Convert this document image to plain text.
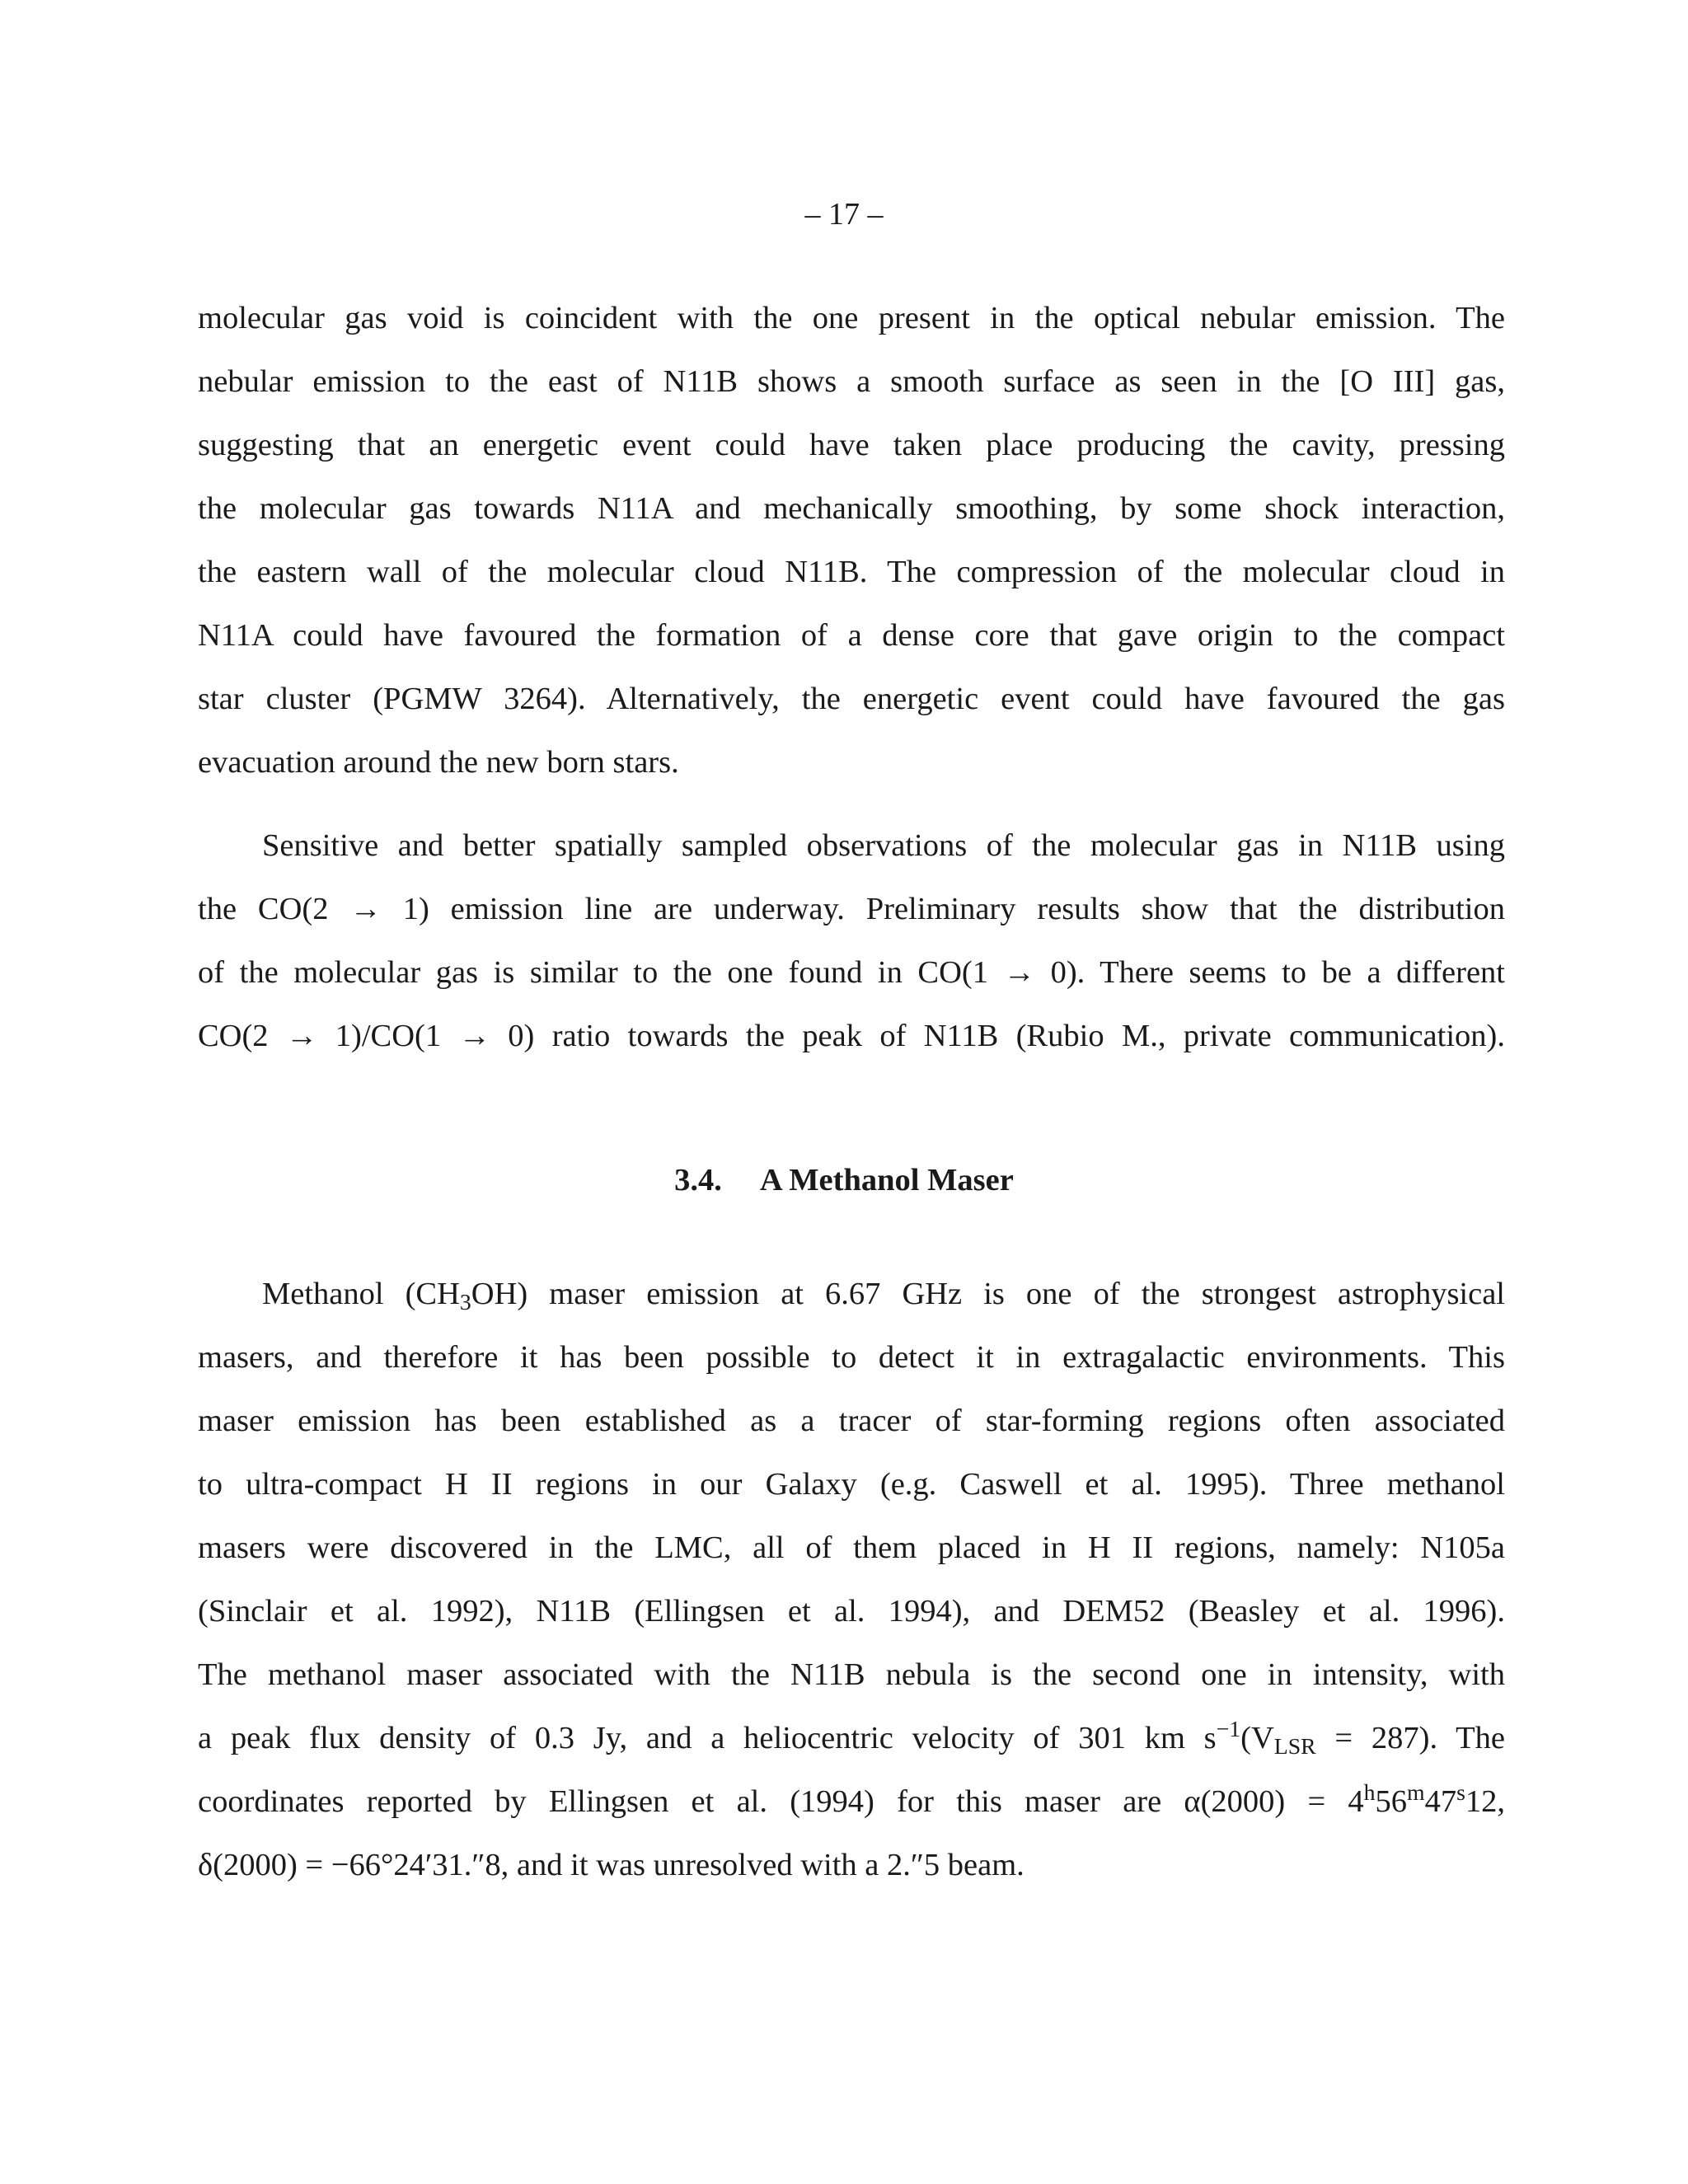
– 17 –

molecular gas void is coincident with the one present in the optical nebular emission. The
nebular emission to the east of N11B shows a smooth surface as seen in the [O III] gas,
suggesting that an energetic event could have taken place producing the cavity, pressing
the molecular gas towards N11A and mechanically smoothing, by some shock interaction,
the eastern wall of the molecular cloud N11B. The compression of the molecular cloud in
N11A could have favoured the formation of a dense core that gave origin to the compact
star cluster (PGMW 3264). Alternatively, the energetic event could have favoured the gas
evacuation around the new born stars.

Sensitive and better spatially sampled observations of the molecular gas in N11B using
the CO(2 → 1) emission line are underway. Preliminary results show that the distribution
of the molecular gas is similar to the one found in CO(1 → 0). There seems to be a different
CO(2 → 1)/CO(1 → 0) ratio towards the peak of N11B (Rubio M., private communication).

3.4. A Methanol Maser

Methanol $(CH_3OH)$ maser emission at 6.67 GHz is one of the strongest astrophysical
masers, and therefore it has been possible to detect it in extragalactic environments. This
maser emission has been established as a tracer of star-forming regions often associated
to ultra-compact H II regions in our Galaxy (e.g. Caswell et al. 1995). Three methanol
masers were discovered in the LMC, all of them placed in H II regions, namely: N105a
(Sinclair et al. 1992), N11B (Ellingsen et al. 1994), and DEM52 (Beasley et al. 1996).
The methanol maser associated with the N11B nebula is the second one in intensity, with
a peak flux density of 0.3 Jy, and a heliocentric velocity of 301 km $s^{-1}(V_{LSR} = 287)$. The
coordinates reported by Ellingsen et al. (1994) for this maser are $\alpha(2000) = 4^h56^m47^s12$,
δ(2000) = −66°24′31.″8, and it was unresolved with a 2.″5 beam.
